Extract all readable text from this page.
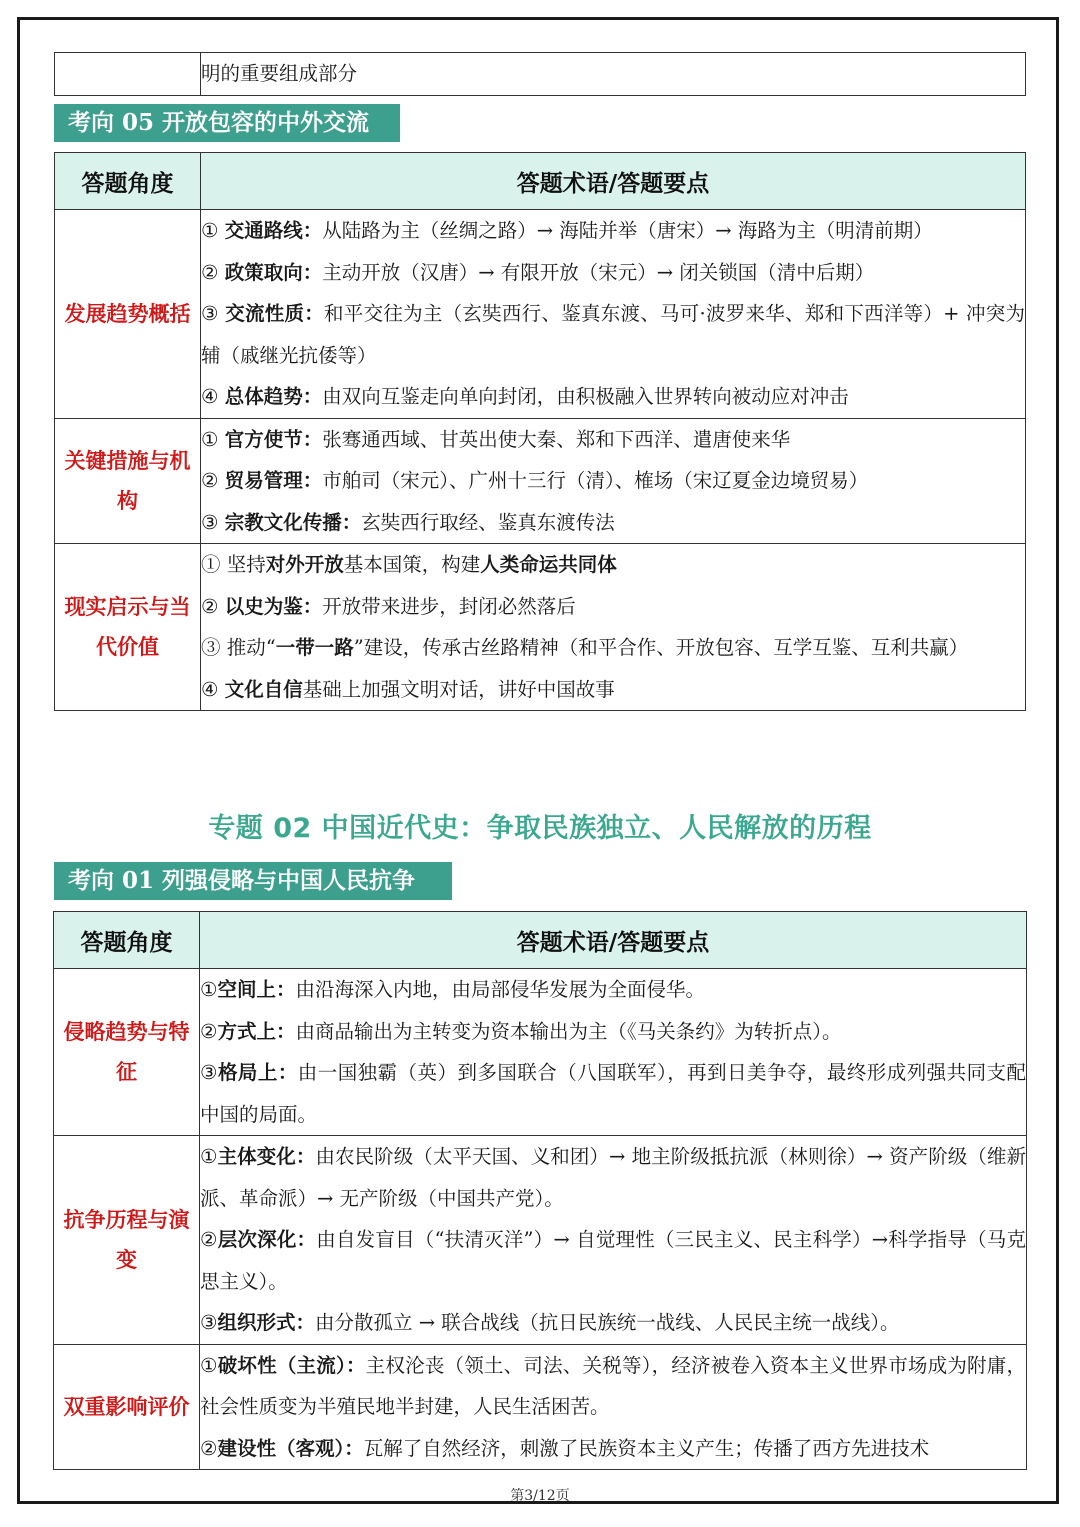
	明的重要组成部分
考向 05 开放包容的中外交流
答题角度	答题术语/答题要点
发展趋势概括	① 交通路线：从陆路为主（丝绸之路）→ 海陆并举（唐宋）→ 海路为主（明清前期）
② 政策取向：主动开放（汉唐）→ 有限开放（宋元）→ 闭关锁国（清中后期）
③ 交流性质：和平交往为主（玄奘西行、鉴真东渡、马可·波罗来华、郑和下西洋等）+ 冲突为辅（戚继光抗倭等）
④ 总体趋势：由双向互鉴走向单向封闭，由积极融入世界转向被动应对冲击

关键措施与机构	① 官方使节：张骞通西域、甘英出使大秦、郑和下西洋、遣唐使来华
② 贸易管理：市舶司（宋元）、广州十三行（清）、榷场（宋辽夏金边境贸易）
③ 宗教文化传播：玄奘西行取经、鉴真东渡传法

现实启示与当代价值	① 坚持对外开放基本国策，构建人类命运共同体
② 以史为鉴：开放带来进步，封闭必然落后
③ 推动“一带一路”建设，传承古丝路精神（和平合作、开放包容、互学互鉴、互利共赢）
④ 文化自信基础上加强文明对话，讲好中国故事
专题 02 中国近代史：争取民族独立、人民解放的历程
考向 01 列强侵略与中国人民抗争
答题角度	答题术语/答题要点
侵略趋势与特征	①空间上：由沿海深入内地，由局部侵华发展为全面侵华。
②方式上：由商品输出为主转变为资本输出为主（《马关条约》为转折点）。
③格局上：由一国独霸（英）到多国联合（八国联军），再到日美争夺，最终形成列强共同支配中国的局面。

抗争历程与演变	①主体变化：由农民阶级（太平天国、义和团）→ 地主阶级抵抗派（林则徐）→ 资产阶级（维新派、革命派）→ 无产阶级（中国共产党）。
②层次深化：由自发盲目（“扶清灭洋”）→ 自觉理性（三民主义、民主科学）→科学指导（马克思主义）。
③组织形式：由分散孤立 → 联合战线（抗日民族统一战线、人民民主统一战线）。

双重影响评价	①破坏性（主流）：主权沦丧（领土、司法、关税等），经济被卷入资本主义世界市场成为附庸，社会性质变为半殖民地半封建，人民生活困苦。
②建设性（客观）：瓦解了自然经济，刺激了民族资本主义产生；传播了西方先进技术
第3/12页
